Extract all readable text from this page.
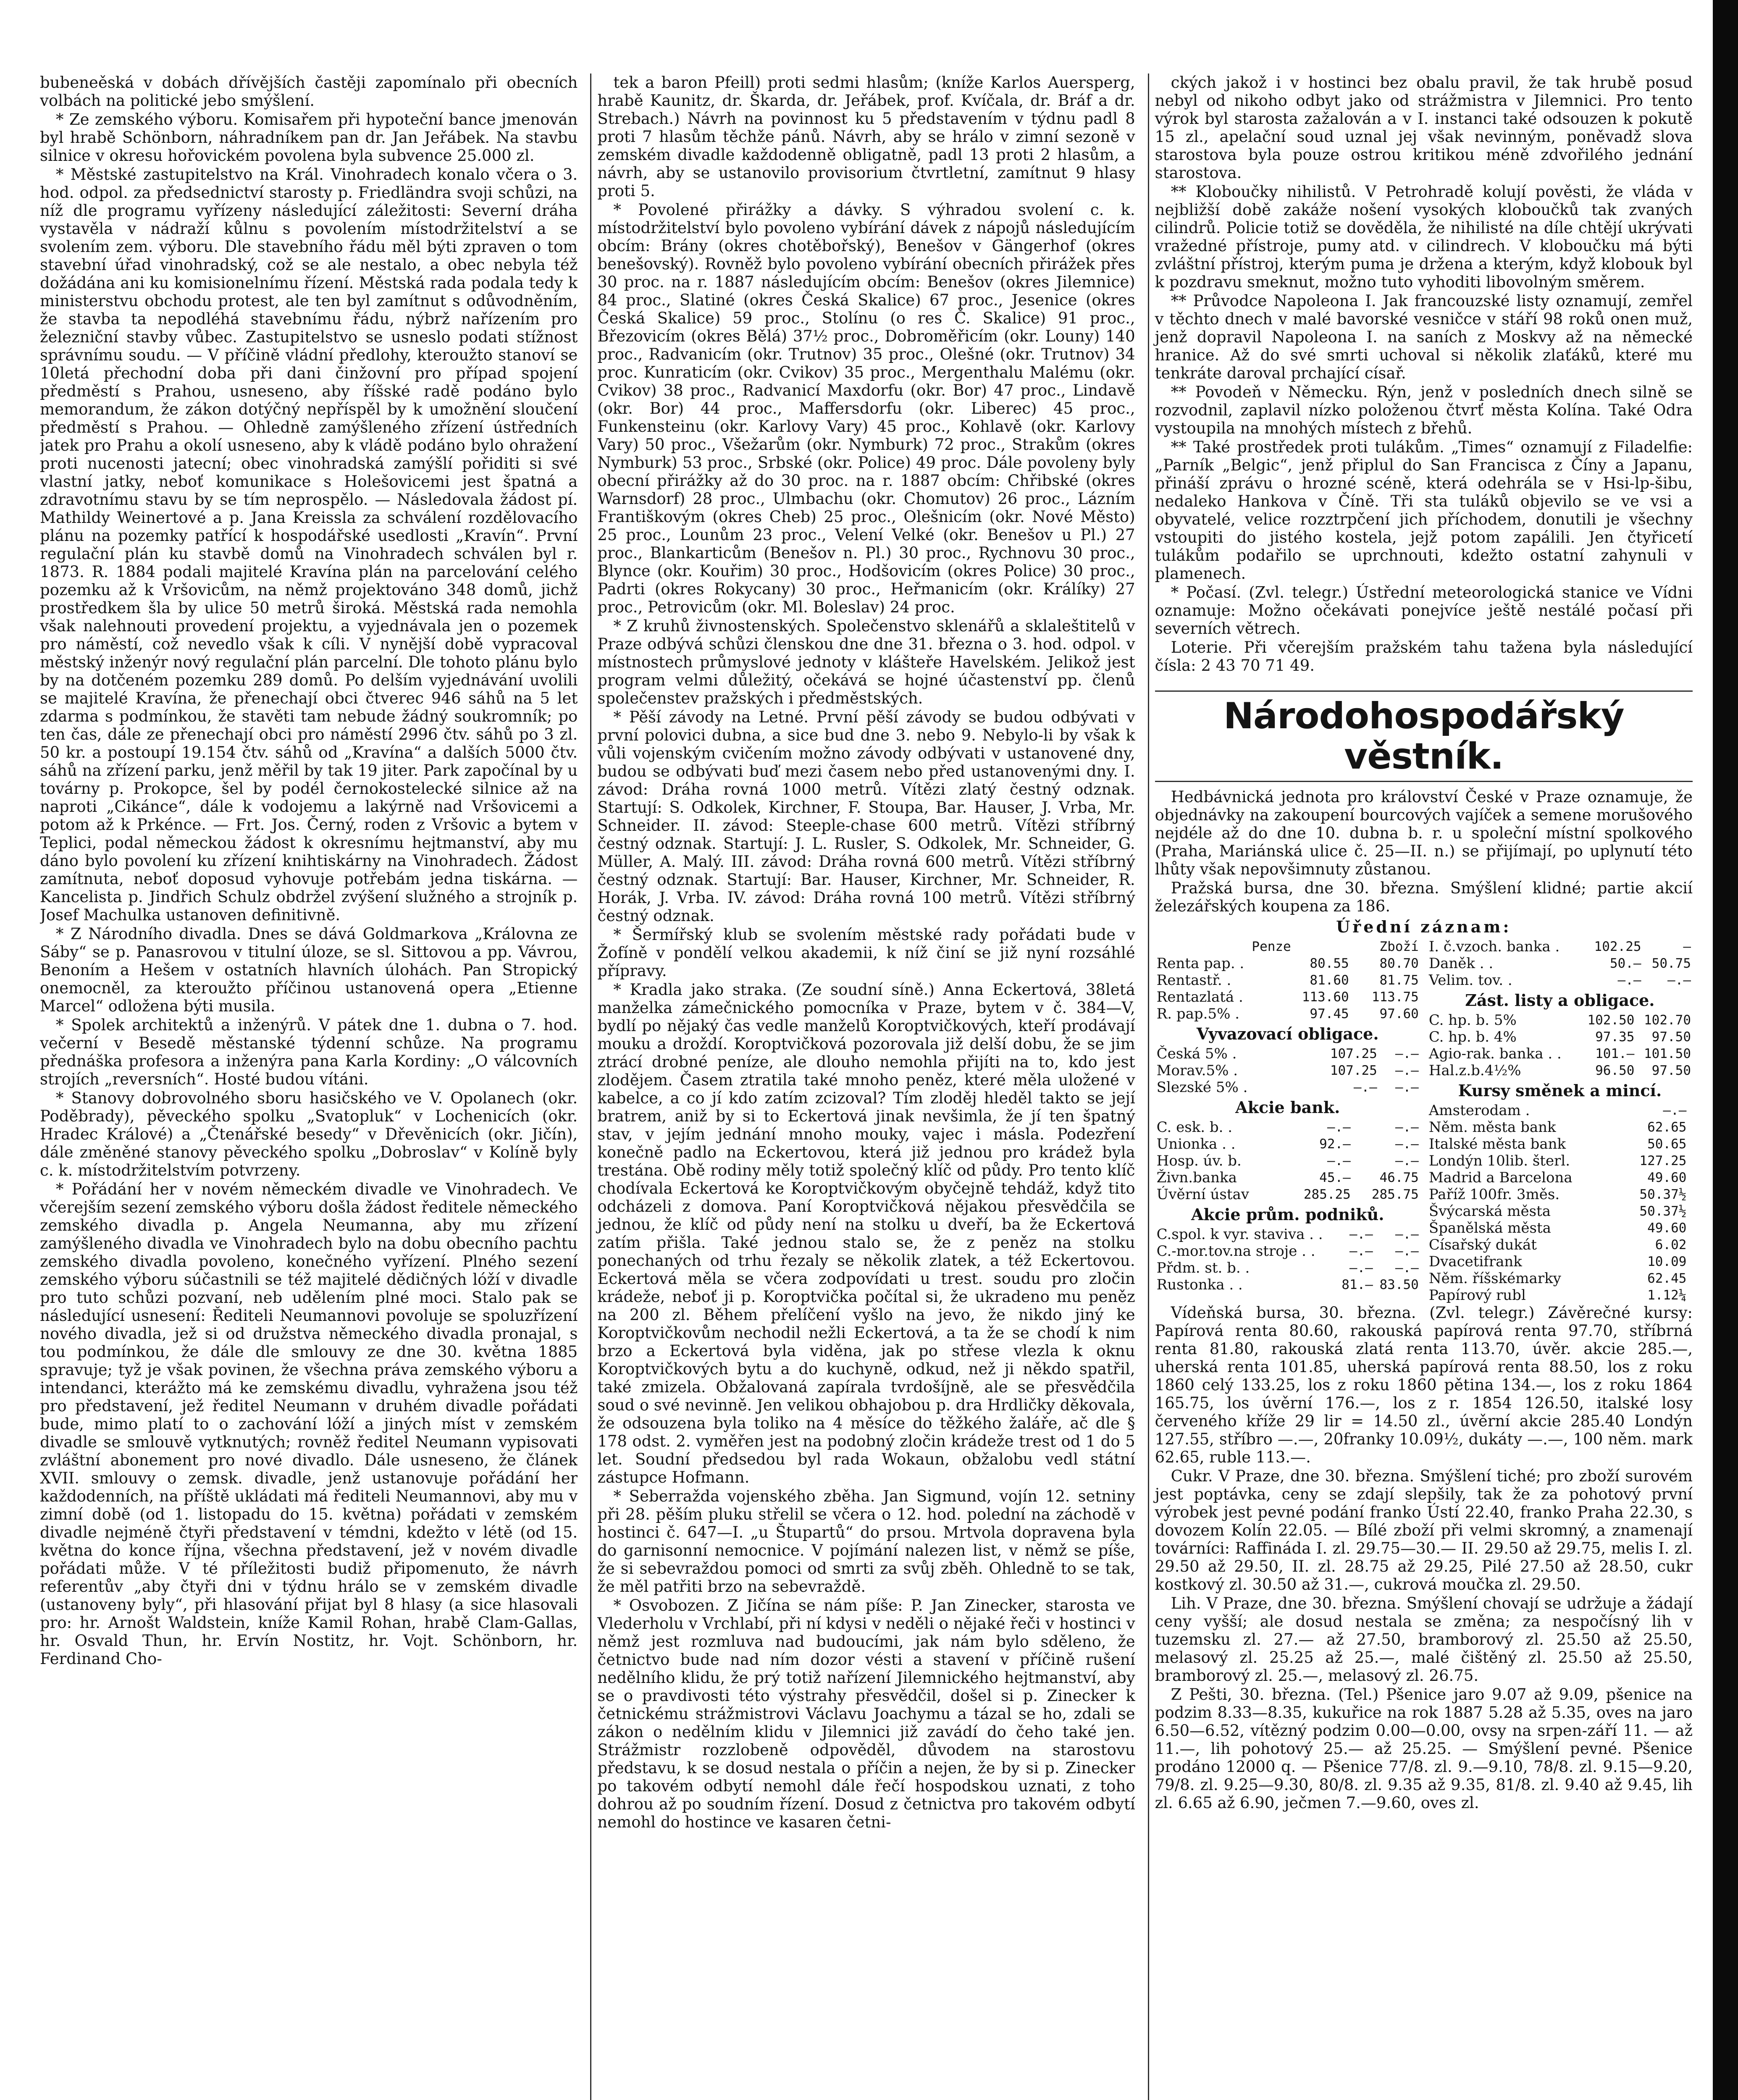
bubeneěská v dobách dřívějších častěji zapomínalo při obecních volbách na politické jebo smýšlení.

* Ze zemského výboru. Komisařem při hypoteční bance jmenován byl hrabě Schönborn, náhradníkem pan dr. Jan Jeřábek. Na stavbu silnice v okresu hořovickém povolena byla subvence 25.000 zl.

* Městské zastupitelstvo na Král. Vinohradech konalo včera o 3. hod. odpol. za předsednictví starosty p. Friedländra svoji schůzi, na níž dle programu vyřízeny následující záležitosti: Severní dráha vystavěla v nádraží kůlnu s povolením místodržitelství a se svolením zem. výboru. Dle stavebního řádu měl býti zpraven o tom stavební úřad vinohradský, což se ale nestalo, a obec nebyla též dožádána ani ku komisionelnímu řízení. Městská rada podala tedy k ministerstvu obchodu protest, ale ten byl zamítnut s odůvodněním, že stavba ta nepodléhá stavebnímu řádu, nýbrž nařízením pro železniční stavby vůbec. Zastupitelstvo se usneslo podati stížnost správnímu soudu. — V příčině vládní předlohy, kteroužto stanoví se 10letá přechodní doba při dani činžovní pro případ spojení předměstí s Prahou, usneseno, aby říšské radě podáno bylo memorandum, že zákon dotýčný nepříspěl by k umožnění sloučení předměstí s Prahou. — Ohledně zamýšleného zřízení ústředních jatek pro Prahu a okolí usneseno, aby k vládě podáno bylo ohražení proti nucenosti jatecní; obec vinohradská zamýšlí pořiditi si své vlastní jatky, neboť komunikace s Holešovicemi jest špatná a zdravotnímu stavu by se tím neprospělo. — Následovala žádost pí. Mathildy Weinertové a p. Jana Kreissla za schválení rozdělovacího plánu na pozemky patřící k hospodářské usedlosti „Kravín“. První regulační plán ku stavbě domů na Vinohradech schválen byl r. 1873. R. 1884 podali majitelé Kravína plán na parcelování celého pozemku až k Vršovicům, na němž projektováno 348 domů, jichž prostředkem šla by ulice 50 metrů široká. Městská rada nemohla však nalehnouti provedení projektu, a vyjednávala jen o pozemek pro náměstí, což nevedlo však k cíli. V nynější době vypracoval městský inženýr nový regulační plán parcelní. Dle tohoto plánu bylo by na dotčeném pozemku 289 domů. Po delším vyjednávání uvolili se majitelé Kravína, že přenechají obci čtverec 946 sáhů na 5 let zdarma s podmínkou, že stavěti tam nebude žádný soukromník; po ten čas, dále ze přenechají obci pro náměstí 2996 čtv. sáhů po 3 zl. 50 kr. a postoupí 19.154 čtv. sáhů od „Kravína“ a dalších 5000 čtv. sáhů na zřízení parku, jenž měřil by tak 19 jiter. Park započínal by u továrny p. Prokopce, šel by podél černokostelecké silnice až na naproti „Cikánce“, dále k vodojemu a lakýrně nad Vršovicemi a potom až k Prkénce. — Frt. Jos. Černý, roden z Vršovic a bytem v Teplici, podal německou žádost k okresnímu hejtmanství, aby mu dáno bylo povolení ku zřízení knihtiskárny na Vinohradech. Žádost zamítnuta, neboť doposud vyhovuje potřebám jedna tiskárna. — Kancelista p. Jindřich Schulz obdržel zvýšení služného a strojník p. Josef Machulka ustanoven definitivně.

* Z Národního divadla. Dnes se dává Goldmarkova „Královna ze Sáby“ se p. Panasrovou v titulní úloze, se sl. Sittovou a pp. Vávrou, Benoním a Hešem v ostatních hlavních úlohách. Pan Stropický onemocněl, za kteroužto příčinou ustanovená opera „Etienne Marcel“ odložena býti musila.

* Spolek architektů a inženýrů. V pátek dne 1. dubna o 7. hod. večerní v Besedě městanské týdenní schůze. Na programu přednáška profesora a inženýra pana Karla Kordiny: „O válcovních strojích „reversních“. Hosté budou vítáni.

* Stanovy dobrovolného sboru hasičského ve V. Opolanech (okr. Poděbrady), pěveckého spolku „Svatopluk“ v Lochenicích (okr. Hradec Králové) a „Čtenářské besedy“ v Dřevěnicích (okr. Jičín), dále změněné stanovy pěveckého spolku „Dobroslav“ v Kolíně byly c. k. místodržitelstvím potvrzeny.

* Pořádání her v novém německém divadle ve Vinohradech. Ve včerejším sezení zemského výboru došla žádost ředitele německého zemského divadla p. Angela Neumanna, aby mu zřízení zamýšleného divadla ve Vinohradech bylo na dobu obecního pachtu zemského divadla povoleno, konečného vyřízení. Plného sezení zemského výboru súčastnili se též majitelé dědičných lóží v divadle pro tuto schůzi pozvaní, neb udělením plné moci. Stalo pak se následující usnesení: Řediteli Neumannovi povoluje se spoluzřízení nového divadla, jež si od družstva německého divadla pronajal, s tou podmínkou, že dále dle smlouvy ze dne 30. května 1885 spravuje; tyž je však povinen, že všechna práva zemského výboru a intendanci, kterážto má ke zemskému divadlu, vyhražena jsou též pro představení, jež ředitel Neumann v druhém divadle pořádati bude, mimo platí to o zachování lóží a jiných míst v zemském divadle se smlouvě vytknutých; rovněž ředitel Neumann vypisovati zvláštní abonement pro nové divadlo. Dále usneseno, že článek XVII. smlouvy o zemsk. divadle, jenž ustanovuje pořádání her každodenních, na příště ukládati má řediteli Neumannovi, aby mu v zimní době (od 1. listopadu do 15. května) pořádati v zemském divadle nejméně čtyři představení v témdni, kdežto v létě (od 15. května do konce října, všechna představení, jež v novém divadle pořádati může. V té příležitosti budiž připomenuto, že návrh referentův „aby čtyři dni v týdnu hrálo se v zemském divadle (ustanoveny byly“, při hlasování přijat byl 8 hlasy (a sice hlasovali pro: hr. Arnošt Waldstein, kníže Kamil Rohan, hrabě Clam-Gallas, hr. Osvald Thun, hr. Ervín Nostitz, hr. Vojt. Schönborn, hr. Ferdinand Cho-

tek a baron Pfeill) proti sedmi hlasům; (kníže Karlos Auersperg, hrabě Kaunitz, dr. Škarda, dr. Jeřábek, prof. Kvíčala, dr. Bráf a dr. Strebach.) Návrh na povinnost ku 5 představením v týdnu padl 8 proti 7 hlasům těchže pánů. Návrh, aby se hrálo v zimní sezoně v zemském divadle každodenně obligatně, padl 13 proti 2 hlasům, a návrh, aby se ustanovilo provisorium čtvrtletní, zamítnut 9 hlasy proti 5.

* Povolené přirážky a dávky. S výhradou svolení c. k. místodržitelství bylo povoleno vybírání dávek z nápojů následujícím obcím: Brány (okres chotěbořský), Benešov v Gängerhof (okres benešovský). Rovněž bylo povoleno vybírání obecních přirážek přes 30 proc. na r. 1887 následujícím obcím: Benešov (okres Jilemnice) 84 proc., Slatiné (okres Česká Skalice) 67 proc., Jesenice (okres Česká Skalice) 59 proc., Stolínu (o res Č. Skalice) 91 proc., Březovicím (okres Bělá) 37½ proc., Dobroměřicím (okr. Louny) 140 proc., Radvanicím (okr. Trutnov) 35 proc., Olešné (okr. Trutnov) 34 proc. Kunraticím (okr. Cvikov) 35 proc., Mergenthalu Malému (okr. Cvikov) 38 proc., Radvanicí Maxdorfu (okr. Bor) 47 proc., Lindavě (okr. Bor) 44 proc., Maffersdorfu (okr. Liberec) 45 proc., Funkensteinu (okr. Karlovy Vary) 45 proc., Kohlavě (okr. Karlovy Vary) 50 proc., Všežarům (okr. Nymburk) 72 proc., Strakům (okres Nymburk) 53 proc., Srbské (okr. Police) 49 proc. Dále povoleny byly obecní přirážky až do 30 proc. na r. 1887 obcím: Chřibské (okres Warnsdorf) 28 proc., Ulmbachu (okr. Chomutov) 26 proc., Lázním Františkovým (okres Cheb) 25 proc., Olešnicím (okr. Nové Město) 25 proc., Lounům 23 proc., Velení Velké (okr. Benešov u Pl.) 27 proc., Blankarticům (Benešov n. Pl.) 30 proc., Rychnovu 30 proc., Blynce (okr. Kouřim) 30 proc., Hodšovicím (okres Police) 30 proc., Padrti (okres Rokycany) 30 proc., Heřmanicím (okr. Králíky) 27 proc., Petrovicům (okr. Ml. Boleslav) 24 proc.

* Z kruhů živnostenských. Společenstvo sklenářů a sklaleštitelů v Praze odbývá schůzi členskou dne dne 31. března o 3. hod. odpol. v místnostech průmyslové jednoty v klášteře Havelském. Jelikož jest program velmi důležitý, očekává se hojné účastenství pp. členů společenstev pražských i předměstských.

* Pěší závody na Letné. První pěší závody se budou odbývati v první polovici dubna, a sice bud dne 3. nebo 9. Nebylo-li by však k vůli vojenským cvičením možno závody odbývati v ustanovené dny, budou se odbývati buď mezi časem nebo před ustanovenými dny. I. závod: Dráha rovná 1000 metrů. Vítězi zlatý čestný odznak. Startují: S. Odkolek, Kirchner, F. Stoupa, Bar. Hauser, J. Vrba, Mr. Schneider. II. závod: Steeple-chase 600 metrů. Vítězi stříbrný čestný odznak. Startují: J. L. Rusler, S. Odkolek, Mr. Schneider, G. Müller, A. Malý. III. závod: Dráha rovná 600 metrů. Vítězi stříbrný čestný odznak. Startují: Bar. Hauser, Kirchner, Mr. Schneider, R. Horák, J. Vrba. IV. závod: Dráha rovná 100 metrů. Vítězi stříbrný čestný odznak.

* Šermířský klub se svolením městské rady pořádati bude v Žofíně v pondělí velkou akademii, k níž činí se již nyní rozsáhlé přípravy.

* Kradla jako straka. (Ze soudní síně.) Anna Eckertová, 38letá manželka zámečnického pomocníka v Praze, bytem v č. 384—V, bydlí po nějaký čas vedle manželů Koroptvičkových, kteří prodávají mouku a droždí. Koroptvičková pozorovala již delší dobu, že se jim ztrácí drobné peníze, ale dlouho nemohla přijíti na to, kdo jest zlodějem. Časem ztratila také mnoho peněz, které měla uložené v kabelce, a co jí kdo zatím zcizoval? Tím zloděj hleděl takto se její bratrem, aniž by si to Eckertová jinak nevšimla, že jí ten špatný stav, v jejím jednání mnoho mouky, vajec i másla. Podezření konečně padlo na Eckertovou, která již jednou pro krádež byla trestána. Obě rodiny měly totiž společný klíč od půdy. Pro tento klíč chodívala Eckertová ke Koroptvičkovým obyčejně tehdáž, když tito odcházeli z domova. Paní Koroptvičková nějakou přesvědčila se jednou, že klíč od půdy není na stolku u dveří, ba že Eckertová zatím přišla. Také jednou stalo se, že z peněz na stolku ponechaných od trhu řezaly se několik zlatek, a též Eckertovou. Eckertová měla se včera zodpovídati u trest. soudu pro zločin krádeže, neboť ji p. Koroptvička počítal si, že ukradeno mu peněz na 200 zl. Během přelíčení vyšlo na jevo, že nikdo jiný ke Koroptvičkovům nechodil nežli Eckertová, a ta že se chodí k nim brzo a Eckertová byla viděna, jak po střese vlezla k oknu Koroptvičkových bytu a do kuchyně, odkud, než ji někdo spatřil, také zmizela. Obžalovaná zapírala tvrdošíjně, ale se přesvědčila soud o své nevinně. Jen velikou obhajobou p. dra Hrdličky děkovala, že odsouzena byla toliko na 4 měsíce do těžkého žaláře, ač dle § 178 odst. 2. vyměřen jest na podobný zločin krádeže trest od 1 do 5 let. Soudní předsedou byl rada Wokaun, obžalobu vedl státní zástupce Hofmann.

* Seberražda vojenského zběha. Jan Sigmund, vojín 12. setniny při 28. pěším pluku střelil se včera o 12. hod. polední na záchodě v hostinci č. 647—I. „u Štupartů“ do prsou. Mrtvola dopravena byla do garnisonní nemocnice. V pojímání nalezen list, v němž se píše, že si sebevraždou pomoci od smrti za svůj zběh. Ohledně to se tak, že měl patřiti brzo na sebevraždě.

* Osvobozen. Z Jičína se nám píše: P. Jan Zinecker, starosta ve Vlederholu v Vrchlabí, při ní kdysi v neděli o nějaké řeči v hostinci v němž jest rozmluva nad budoucími, jak nám bylo sděleno, že četnictvo bude nad ním dozor vésti a stavení v příčině rušení nedělního klidu, že prý totiž nařízení Jilemnického hejtmanství, aby se o pravdivosti této výstrahy přesvědčil, došel si p. Zinecker k četnickému strážmistrovi Václavu Joachymu a tázal se ho, zdali se zákon o nedělním klidu v Jilemnici již zavádí do čeho také jen. Strážmistr rozzlobeně odpověděl, důvodem na starostovu představu, k se dosud nestala o příčin a nejen, že by si p. Zinecker po takovém odbytí nemohl dále řečí hospodskou uznati, z toho dohrou až po soudním řízení. Dosud z četnictva pro takovém odbytí nemohl do hostince ve kasaren četni-

ckých jakož i v hostinci bez obalu pravil, že tak hrubě posud nebyl od nikoho odbyt jako od strážmistra v Jilemnici. Pro tento výrok byl starosta zažalován a v I. instanci také odsouzen k pokutě 15 zl., apelační soud uznal jej však nevinným, poněvadž slova starostova byla pouze ostrou kritikou méně zdvořilého jednání starostova.

** Kloboučky nihilistů. V Petrohradě kolují pověsti, že vláda v nejbližší době zakáže nošení vysokých kloboučků tak zvaných cilindrů. Policie totiž se dověděla, že nihilisté na díle chtějí ukrývati vražedné přístroje, pumy atd. v cilindrech. V kloboučku má býti zvláštní přístroj, kterým puma je držena a kterým, když klobouk byl k pozdravu smeknut, možno tuto vyhoditi libovolným směrem.

** Průvodce Napoleona I. Jak francouzské listy oznamují, zemřel v těchto dnech v malé bavorské vesničce v stáří 98 roků onen muž, jenž dopravil Napoleona I. na saních z Moskvy až na německé hranice. Až do své smrti uchoval si několik zlaťáků, které mu tenkráte daroval prchající císař.

** Povodeň v Německu. Rýn, jenž v posledních dnech silně se rozvodnil, zaplavil nízko položenou čtvrť města Kolína. Také Odra vystoupila na mnohých místech z břehů.

** Také prostředek proti tulákům. „Times“ oznamují z Filadelfie: „Parník „Belgic“, jenž připlul do San Francisca z Číny a Japanu, přináší zprávu o hrozné scéně, která odehrála se v Hsi-lp-šibu, nedaleko Hankova v Číně. Tři sta tuláků objevilo se ve vsi a obyvatelé, velice rozztrpčení jich příchodem, donutili je všechny vstoupiti do jistého kostela, jejž potom zapálili. Jen čtyřicetí tulákům podařilo se uprchnouti, kdežto ostatní zahynuli v plamenech.

* Počasí. (Zvl. telegr.) Ústřední meteorologická stanice ve Vídni oznamuje: Možno očekávati ponejvíce ještě nestálé počasí při severních větrech.

Loterie. Při včerejším pražském tahu tažena byla následující čísla: 2 43 70 71 49.

Národohospodářský věstník.

Hedbávnická jednota pro království České v Praze oznamuje, že objednávky na zakoupení bourcových vajíček a semene morušového nejdéle až do dne 10. dubna b. r. u společní místní spolkového (Praha, Mariánská ulice č. 25—II. n.) se přijímají, po uplynutí této lhůty však nepovšimnuty zůstanou.

Pražská bursa, dne 30. března. Smýšlení klidné; partie akcií železářských koupena za 186.

Úřední záznam:
	Penze	Zboží
Renta pap. .	80.55	80.70
Rentastř. .	81.60	81.75
Rentazlatá .	113.60	113.75
R. pap.5% .	97.45	97.60
Vyvazovací obligace.
Česká 5% .	107.25	—.—
Morav.5% .	107.25	—.—
Slezské 5% .	—.—	—.—
Akcie bank.
C. esk. b. .	—.—	—.—
Unionka . .	92.—	—.—
Hosp. úv. b.	—.—	—.—
Živn.banka	45.—	46.75
Úvěrní ústav	285.25	285.75
Akcie prům. podniků.
C.spol. k vyr. staviva . .	—.—	—.—
C.-mor.tov.na stroje . .	—.—	—.—
Přdm. st. b. .	—.—	—.—
Rustonka . .	81.—	83.50
I. č.vzoch. banka .	102.25	—
Daněk . .	50.—	50.75
Velim. tov. .	—.—	—.—
Zást. listy a obligace.
C. hp. b. 5%	102.50	102.70
C. hp. b. 4%	97.35	97.50
Agio-rak. banka . .	101.—	101.50
Hal.z.b.4½%	96.50	97.50
Kursy směnek a mincí.
Amsterodam .	—.—	
Něm. města bank	62.65	
Italské města bank	50.65	
Londýn 10lib. šterl.	127.25	
Madrid a Barcelona	49.60	
Paříž 100fr. 3měs.	50.37½	
Švýcarská města	50.37½	
Španělská města	49.60	
Císařský dukát	6.02	
Dvacetifrank	10.09	
Něm. říšskémarky	62.45	
Papírový rubl	1.12¼	

Vídeňská bursa, 30. března. (Zvl. telegr.) Závěrečné kursy: Papírová renta 80.60, rakouská papírová renta 97.70, stříbrná renta 81.80, rakouská zlatá renta 113.70, úvěr. akcie 285.—, uherská renta 101.85, uherská papírová renta 88.50, los z roku 1860 celý 133.25, los z roku 1860 pětina 134.—, los z roku 1864 165.75, los úvěrní 176.—, los z r. 1854 126.50, italské losy červeného kříže 29 lir = 14.50 zl., úvěrní akcie 285.40 Londýn 127.55, stříbro —.—, 20franky 10.09½, dukáty —.—, 100 něm. mark 62.65, ruble 113.—.

Cukr. V Praze, dne 30. března. Smýšlení tiché; pro zboží surovém jest poptávka, ceny se zdají slepšily, tak že za pohotový první výrobek jest pevné podání franko Ústí 22.40, franko Praha 22.30, s dovozem Kolín 22.05. — Bílé zboží při velmi skromný, a znamenají továrníci: Raffináda I. zl. 29.75—30.— II. 29.50 až 29.75, melis I. zl. 29.50 až 29.50, II. zl. 28.75 až 29.25, Pilé 27.50 až 28.50, cukr kostkový zl. 30.50 až 31.—, cukrová moučka zl. 29.50.

Lih. V Praze, dne 30. března. Smýšlení chovají se udržuje a žádají ceny vyšší; ale dosud nestala se změna; za nespočísný lih v tuzemsku zl. 27.— až 27.50, bramborový zl. 25.50 až 25.50, melasový zl. 25.25 až 25.—, malé čištěný zl. 25.50 až 25.50, bramborový zl. 25.—, melasový zl. 26.75.

Z Pešti, 30. března. (Tel.) Pšenice jaro 9.07 až 9.09, pšenice na podzim 8.33—8.35, kukuřice na rok 1887 5.28 až 5.35, oves na jaro 6.50—6.52, vítězný podzim 0.00—0.00, ovsy na srpen-září 11. — až 11.—, lih pohotový 25.— až 25.25. — Smýšlení pevné. Pšenice prodáno 12000 q. — Pšenice 77/8. zl. 9.—9.10, 78/8. zl. 9.15—9.20, 79/8. zl. 9.25—9.30, 80/8. zl. 9.35 až 9.35, 81/8. zl. 9.40 až 9.45, lih zl. 6.65 až 6.90, ječmen 7.—9.60, oves zl.
